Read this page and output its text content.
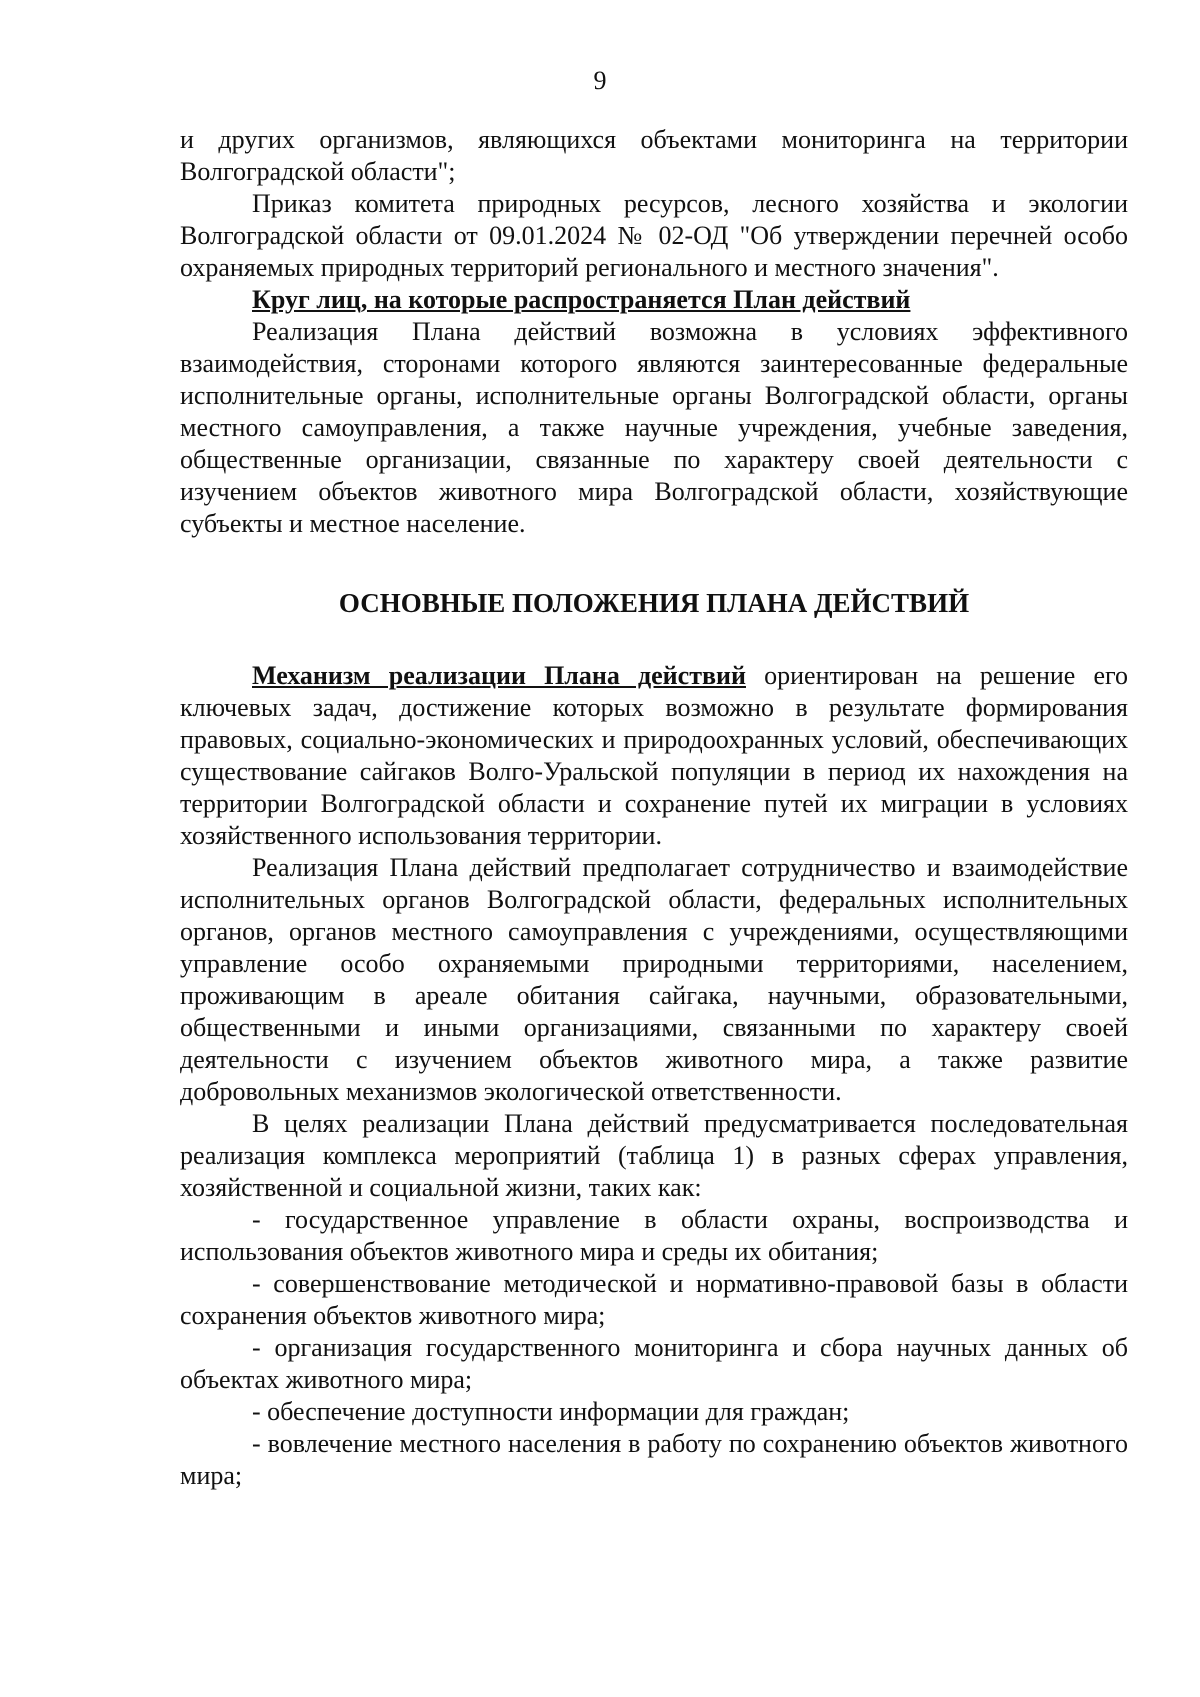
9

и других организмов, являющихся объектами мониторинга на территории Волгоградской области";

Приказ комитета природных ресурсов, лесного хозяйства и экологии Волгоградской области от 09.01.2024 № 02-ОД "Об утверждении перечней особо охраняемых природных территорий регионального и местного значения".

Круг лиц, на которые распространяется План действий

Реализация Плана действий возможна в условиях эффективного взаимодействия, сторонами которого являются заинтересованные федеральные исполнительные органы, исполнительные органы Волгоградской области, органы местного самоуправления, а также научные учреждения, учебные заведения, общественные организации, связанные по характеру своей деятельности с изучением объектов животного мира Волгоградской области, хозяйствующие субъекты и местное население.

ОСНОВНЫЕ ПОЛОЖЕНИЯ ПЛАНА ДЕЙСТВИЙ

Механизм реализации Плана действий ориентирован на решение его ключевых задач, достижение которых возможно в результате формирования правовых, социально-экономических и природоохранных условий, обеспечивающих существование сайгаков Волго-Уральской популяции в период их нахождения на территории Волгоградской области и сохранение путей их миграции в условиях хозяйственного использования территории.

Реализация Плана действий предполагает сотрудничество и взаимодействие исполнительных органов Волгоградской области, федеральных исполнительных органов, органов местного самоуправления с учреждениями, осуществляющими управление особо охраняемыми природными территориями, населением, проживающим в ареале обитания сайгака, научными, образовательными, общественными и иными организациями, связанными по характеру своей деятельности с изучением объектов животного мира, а также развитие добровольных механизмов экологической ответственности.

В целях реализации Плана действий предусматривается последовательная реализация комплекса мероприятий (таблица 1) в разных сферах управления, хозяйственной и социальной жизни, таких как:

- государственное управление в области охраны, воспроизводства и использования объектов животного мира и среды их обитания;

- совершенствование методической и нормативно-правовой базы в области сохранения объектов животного мира;

- организация государственного мониторинга и сбора научных данных об объектах животного мира;

- обеспечение доступности информации для граждан;

- вовлечение местного населения в работу по сохранению объектов животного мира;
